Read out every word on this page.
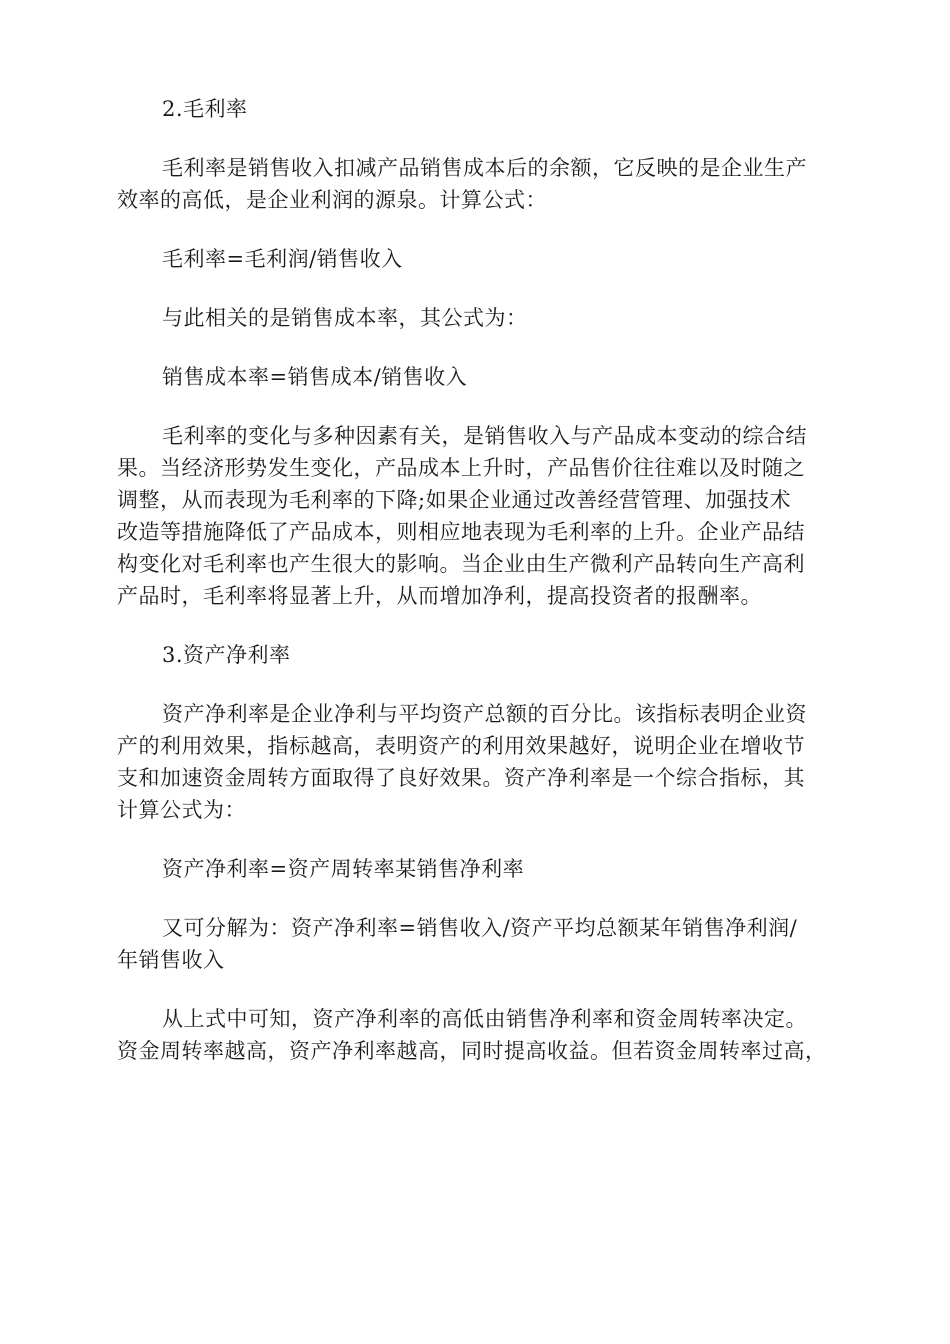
2.毛利率
毛利率是销售收入扣减产品销售成本后的余额，它反映的是企业生产
效率的高低，是企业利润的源泉。计算公式：
毛利率=毛利润/销售收入
与此相关的是销售成本率，其公式为：
销售成本率=销售成本/销售收入
毛利率的变化与多种因素有关，是销售收入与产品成本变动的综合结
果。当经济形势发生变化，产品成本上升时，产品售价往往难以及时随之
调整，从而表现为毛利率的下降;如果企业通过改善经营管理、加强技术
改造等措施降低了产品成本，则相应地表现为毛利率的上升。企业产品结
构变化对毛利率也产生很大的影响。当企业由生产微利产品转向生产高利
产品时，毛利率将显著上升，从而增加净利，提高投资者的报酬率。
3.资产净利率
资产净利率是企业净利与平均资产总额的百分比。该指标表明企业资
产的利用效果，指标越高，表明资产的利用效果越好，说明企业在增收节
支和加速资金周转方面取得了良好效果。资产净利率是一个综合指标，其
计算公式为：
资产净利率=资产周转率某销售净利率
又可分解为：资产净利率=销售收入/资产平均总额某年销售净利润/
年销售收入
从上式中可知，资产净利率的高低由销售净利率和资金周转率决定。
资金周转率越高，资产净利率越高，同时提高收益。但若资金周转率过高，
